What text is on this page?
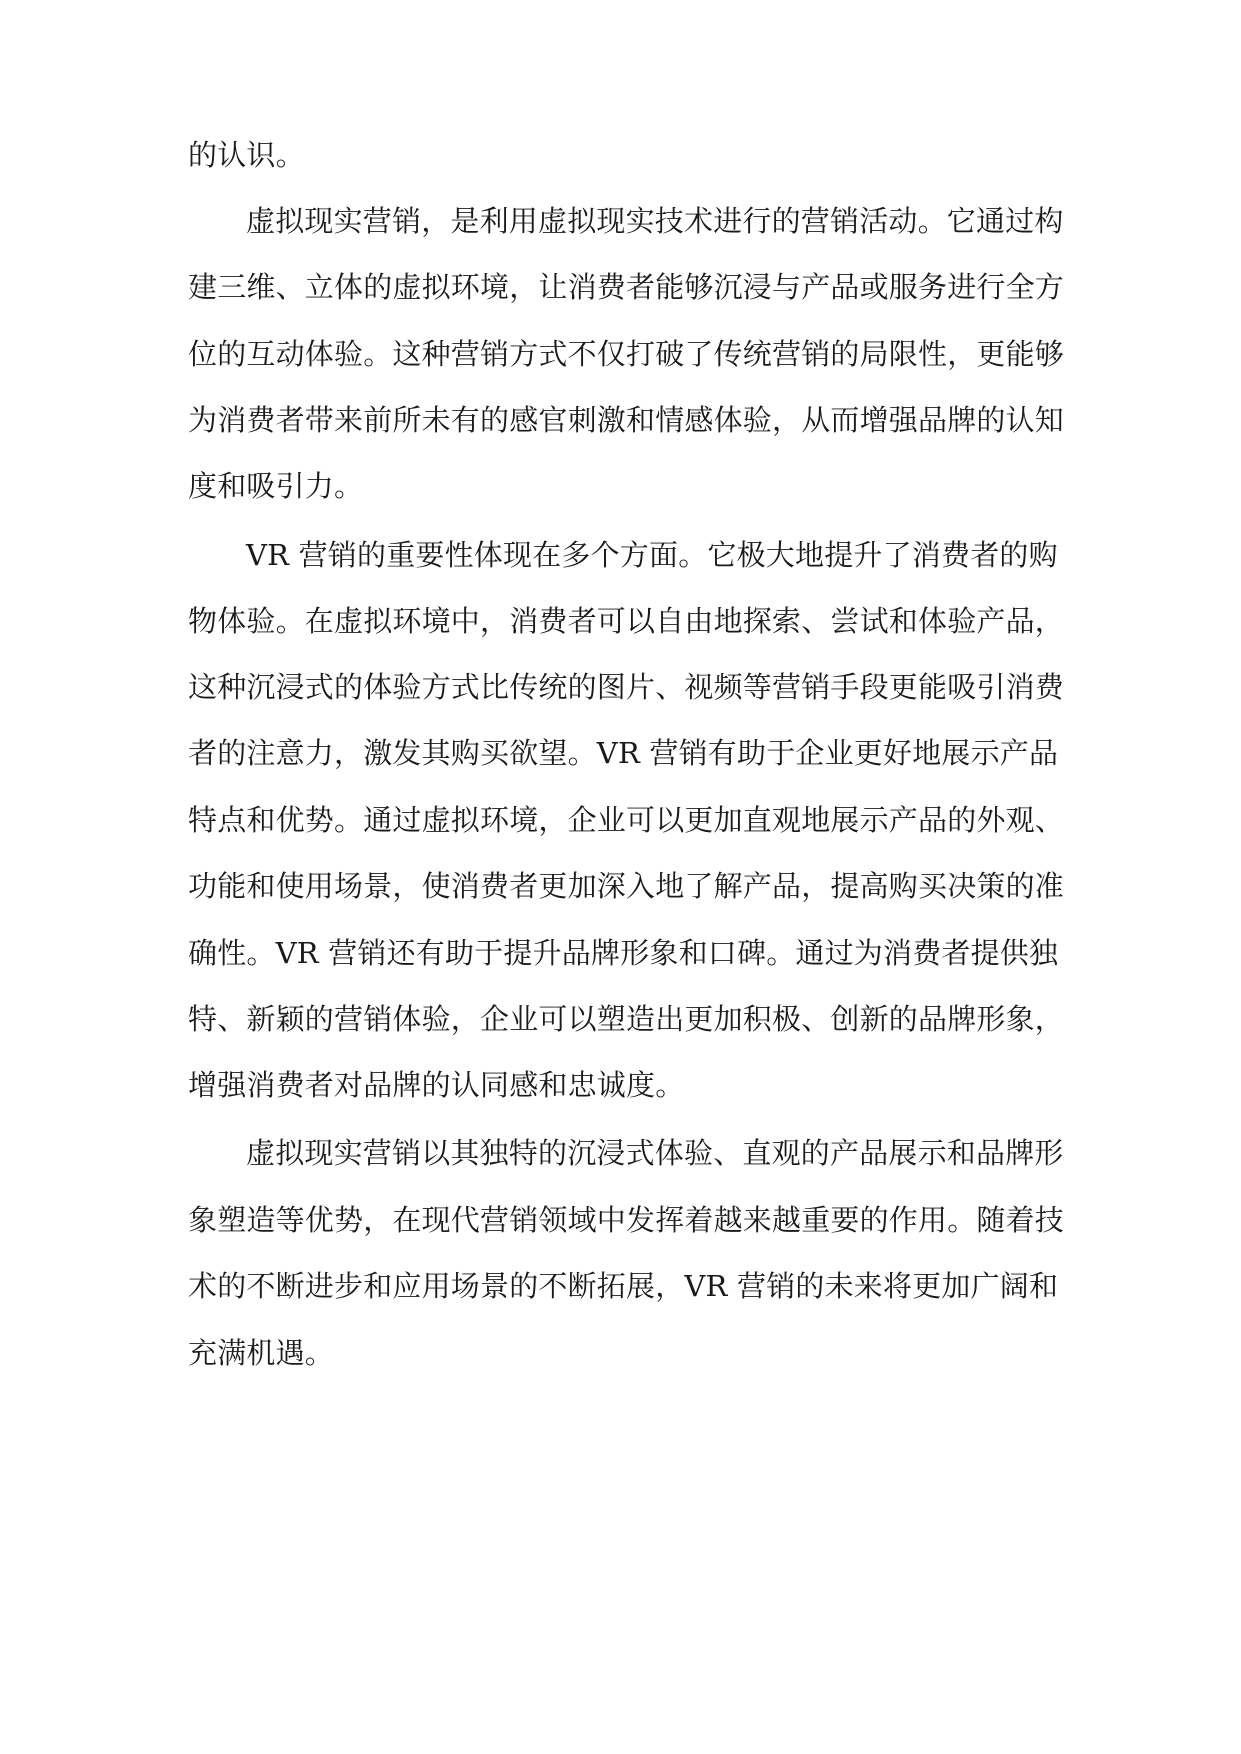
的认识。
虚拟现实营销，是利用虚拟现实技术进行的营销活动。它通过构
建三维、立体的虚拟环境，让消费者能够沉浸与产品或服务进行全方
位的互动体验。这种营销方式不仅打破了传统营销的局限性，更能够
为消费者带来前所未有的感官刺激和情感体验，从而增强品牌的认知
度和吸引力。
VR 营销的重要性体现在多个方面。它极大地提升了消费者的购
物体验。在虚拟环境中，消费者可以自由地探索、尝试和体验产品，
这种沉浸式的体验方式比传统的图片、视频等营销手段更能吸引消费
者的注意力，激发其购买欲望。VR 营销有助于企业更好地展示产品
特点和优势。通过虚拟环境，企业可以更加直观地展示产品的外观、
功能和使用场景，使消费者更加深入地了解产品，提高购买决策的准
确性。VR 营销还有助于提升品牌形象和口碑。通过为消费者提供独
特、新颖的营销体验，企业可以塑造出更加积极、创新的品牌形象，
增强消费者对品牌的认同感和忠诚度。
虚拟现实营销以其独特的沉浸式体验、直观的产品展示和品牌形
象塑造等优势，在现代营销领域中发挥着越来越重要的作用。随着技
术的不断进步和应用场景的不断拓展，VR 营销的未来将更加广阔和
充满机遇。
